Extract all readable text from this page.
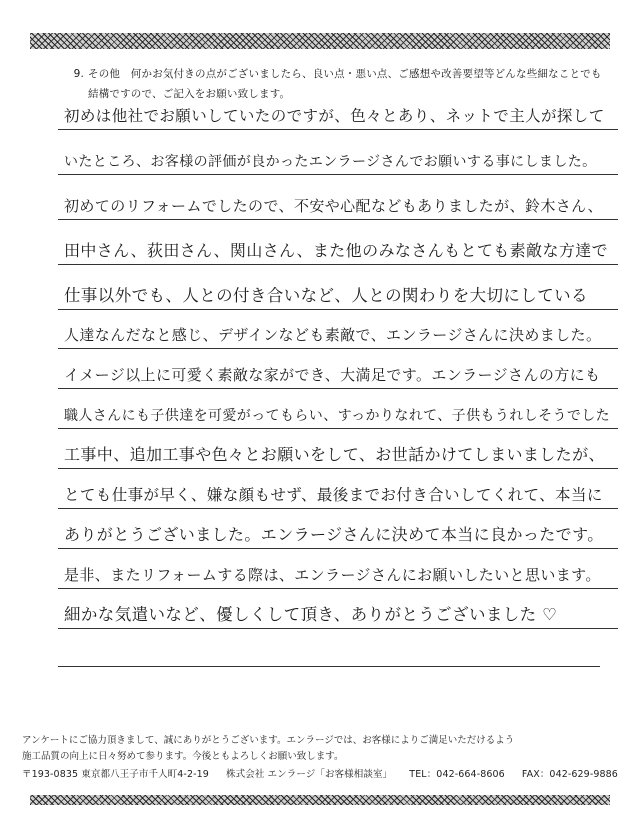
9. その他　何かお気付きの点がございましたら、良い点・悪い点、ご感想や改善要望等どんな些細なことでも
結構ですので、ご記入をお願い致します。
初めは他社でお願いしていたのですが、色々とあり、ネットで主人が探して
いたところ、お客様の評価が良かったエンラージさんでお願いする事にしました。
初めてのリフォームでしたので、不安や心配などもありましたが、鈴木さん、
田中さん、荻田さん、関山さん、また他のみなさんもとても素敵な方達で
仕事以外でも、人との付き合いなど、人との関わりを大切にしている
人達なんだなと感じ、デザインなども素敵で、エンラージさんに決めました。
イメージ以上に可愛く素敵な家ができ、大満足です。エンラージさんの方にも
職人さんにも子供達を可愛がってもらい、すっかりなれて、子供もうれしそうでした
工事中、追加工事や色々とお願いをして、お世話かけてしまいましたが、
とても仕事が早く、嫌な顔もせず、最後までお付き合いしてくれて、本当に
ありがとうございました。エンラージさんに決めて本当に良かったです。
是非、またリフォームする際は、エンラージさんにお願いしたいと思います。
細かな気遣いなど、優しくして頂き、ありがとうございました ♡
アンケートにご協力頂きまして、誠にありがとうございます。エンラージでは、お客様によりご満足いただけるよう
施工品質の向上に日々努めて参ります。今後ともよろしくお願い致します。
〒193-0835 東京都八王子市千人町4-2-19 株式会社 エンラージ「お客様相談室」 TEL：042-664-8606 FAX：042-629-9886
